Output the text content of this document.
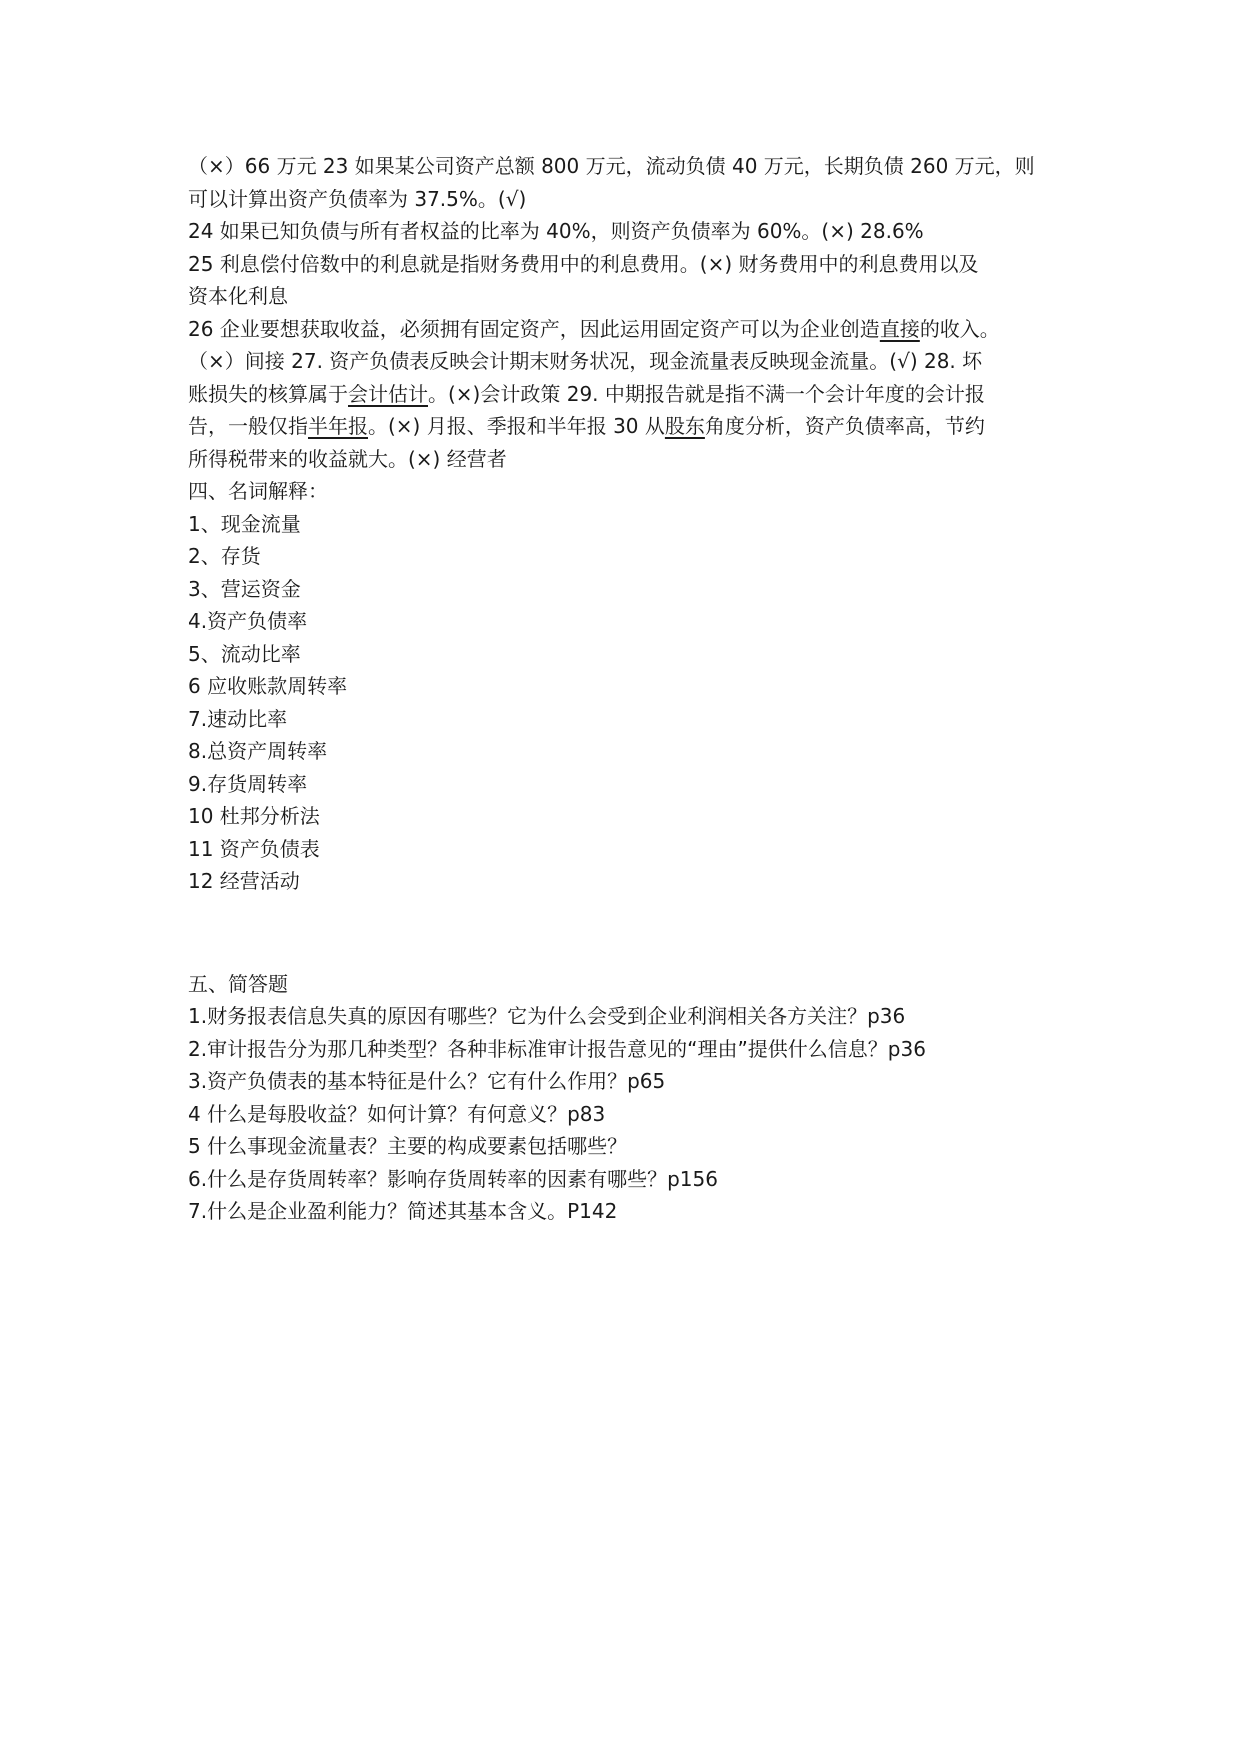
（×）66 万元 23 如果某公司资产总额 800 万元，流动负债 40 万元，长期负债 260 万元，则
可以计算出资产负债率为 37.5%。(√)
24 如果已知负债与所有者权益的比率为 40%，则资产负债率为 60%。(×) 28.6%
25 利息偿付倍数中的利息就是指财务费用中的利息费用。(×) 财务费用中的利息费用以及
资本化利息
26 企业要想获取收益，必须拥有固定资产，因此运用固定资产可以为企业创造直接的收入。
（×）间接 27. 资产负债表反映会计期末财务状况，现金流量表反映现金流量。(√) 28. 坏
账损失的核算属于会计估计。(×)会计政策 29. 中期报告就是指不满一个会计年度的会计报
告，一般仅指半年报。(×) 月报、季报和半年报 30 从股东角度分析，资产负债率高，节约
所得税带来的收益就大。(×) 经营者
四、名词解释：
1、现金流量
2、存货
3、营运资金
4.资产负债率
5、流动比率
6 应收账款周转率
7.速动比率
8.总资产周转率
9.存货周转率
10 杜邦分析法
11 资产负债表
12 经营活动
五、简答题
1.财务报表信息失真的原因有哪些？它为什么会受到企业利润相关各方关注？p36
2.审计报告分为那几种类型？各种非标准审计报告意见的“理由”提供什么信息？p36
3.资产负债表的基本特征是什么？它有什么作用？p65
4 什么是每股收益？如何计算？有何意义？p83
5 什么事现金流量表？主要的构成要素包括哪些？
6.什么是存货周转率？影响存货周转率的因素有哪些？p156
7.什么是企业盈利能力？简述其基本含义。P142
